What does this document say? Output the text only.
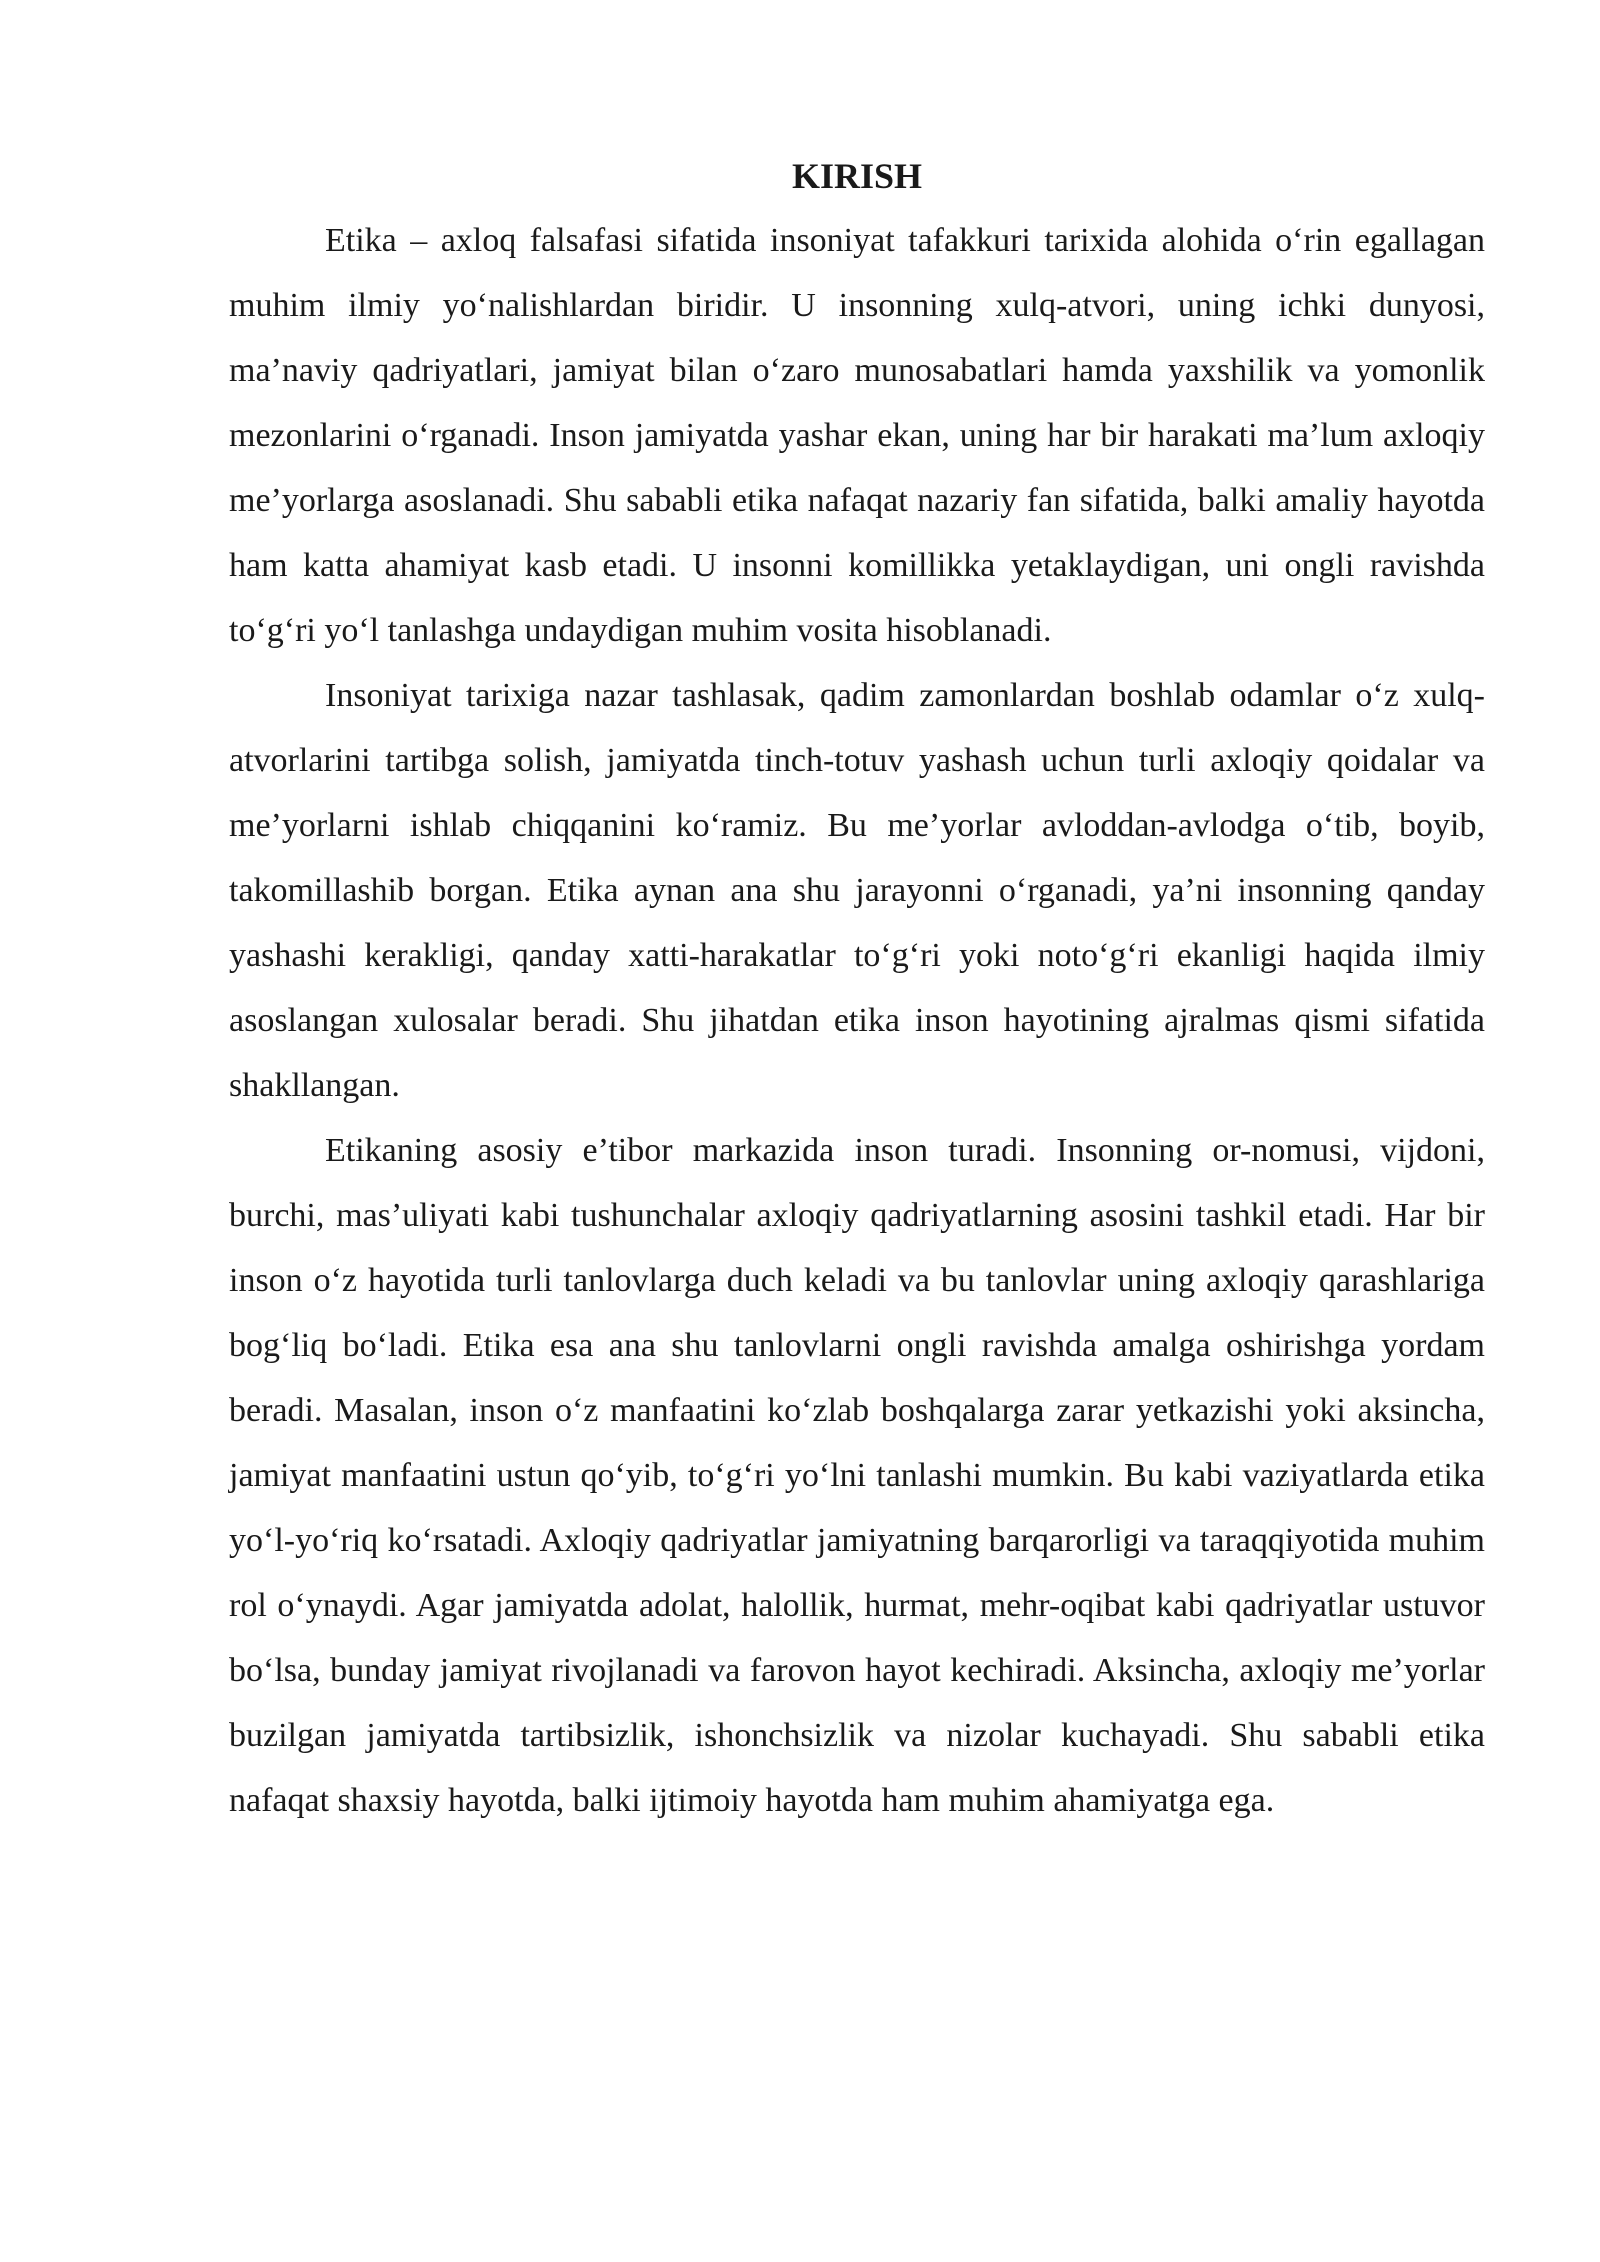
KIRISH

Etika – axloq falsafasi sifatida insoniyat tafakkuri tarixida alohida o‘rin egallagan muhim ilmiy yo‘nalishlardan biridir. U insonning xulq-atvori, uning ichki dunyosi, ma’naviy qadriyatlari, jamiyat bilan o‘zaro munosabatlari hamda yaxshilik va yomonlik mezonlarini o‘rganadi. Inson jamiyatda yashar ekan, uning har bir harakati ma’lum axloqiy me’yorlarga asoslanadi. Shu sababli etika nafaqat nazariy fan sifatida, balki amaliy hayotda ham katta ahamiyat kasb etadi. U insonni komillikka yetaklaydigan, uni ongli ravishda to‘g‘ri yo‘l tanlashga undaydigan muhim vosita hisoblanadi.

Insoniyat tarixiga nazar tashlasak, qadim zamonlardan boshlab odamlar o‘z xulq-atvorlarini tartibga solish, jamiyatda tinch-totuv yashash uchun turli axloqiy qoidalar va me’yorlarni ishlab chiqqanini ko‘ramiz. Bu me’yorlar avloddan-avlodga o‘tib, boyib, takomillashib borgan. Etika aynan ana shu jarayonni o‘rganadi, ya’ni insonning qanday yashashi kerakligi, qanday xatti-harakatlar to‘g‘ri yoki noto‘g‘ri ekanligi haqida ilmiy asoslangan xulosalar beradi. Shu jihatdan etika inson hayotining ajralmas qismi sifatida shakllangan.

Etikaning asosiy e’tibor markazida inson turadi. Insonning or-nomusi, vijdoni, burchi, mas’uliyati kabi tushunchalar axloqiy qadriyatlarning asosini tashkil etadi. Har bir inson o‘z hayotida turli tanlovlarga duch keladi va bu tanlovlar uning axloqiy qarashlariga bog‘liq bo‘ladi. Etika esa ana shu tanlovlarni ongli ravishda amalga oshirishga yordam beradi. Masalan, inson o‘z manfaatini ko‘zlab boshqalarga zarar yetkazishi yoki aksincha, jamiyat manfaatini ustun qo‘yib, to‘g‘ri yo‘lni tanlashi mumkin. Bu kabi vaziyatlarda etika yo‘l-yo‘riq ko‘rsatadi. Axloqiy qadriyatlar jamiyatning barqarorligi va taraqqiyotida muhim rol o‘ynaydi. Agar jamiyatda adolat, halollik, hurmat, mehr-oqibat kabi qadriyatlar ustuvor bo‘lsa, bunday jamiyat rivojlanadi va farovon hayot kechiradi. Aksincha, axloqiy me’yorlar buzilgan jamiyatda tartibsizlik, ishonchsizlik va nizolar kuchayadi. Shu sababli etika nafaqat shaxsiy hayotda, balki ijtimoiy hayotda ham muhim ahamiyatga ega.
